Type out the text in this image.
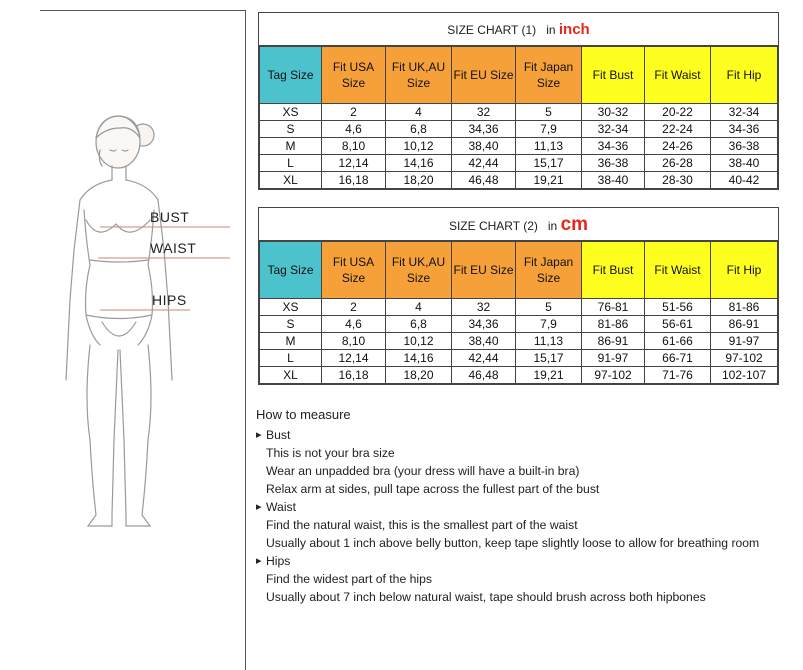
BUST
WAIST
HIPS
SIZE CHART (1) in inch
Tag Size	Fit USA Size	Fit UK,AU Size	Fit EU Size	Fit Japan Size	Fit Bust	Fit Waist	Fit Hip
XS	2	4	32	5	30-32	20-22	32-34
S	4,6	6,8	34,36	7,9	32-34	22-24	34-36
M	8,10	10,12	38,40	11,13	34-36	24-26	36-38
L	12,14	14,16	42,44	15,17	36-38	26-28	38-40
XL	16,18	18,20	46,48	19,21	38-40	28-30	40-42
SIZE CHART (2) in cm
Tag Size	Fit USA Size	Fit UK,AU Size	Fit EU Size	Fit Japan Size	Fit Bust	Fit Waist	Fit Hip
XS	2	4	32	5	76-81	51-56	81-86
S	4,6	6,8	34,36	7,9	81-86	56-61	86-91
M	8,10	10,12	38,40	11,13	86-91	61-66	91-97
L	12,14	14,16	42,44	15,17	91-97	66-71	97-102
XL	16,18	18,20	46,48	19,21	97-102	71-76	102-107
How to measure
▸ Bust
This is not your bra size
Wear an unpadded bra (your dress will have a built-in bra)
Relax arm at sides, pull tape across the fullest part of the bust
▸ Waist
Find the natural waist, this is the smallest part of the waist
Usually about 1 inch above belly button, keep tape slightly loose to allow for breathing room
▸ Hips
Find the widest part of the hips
Usually about 7 inch below natural waist, tape should brush across both hipbones
